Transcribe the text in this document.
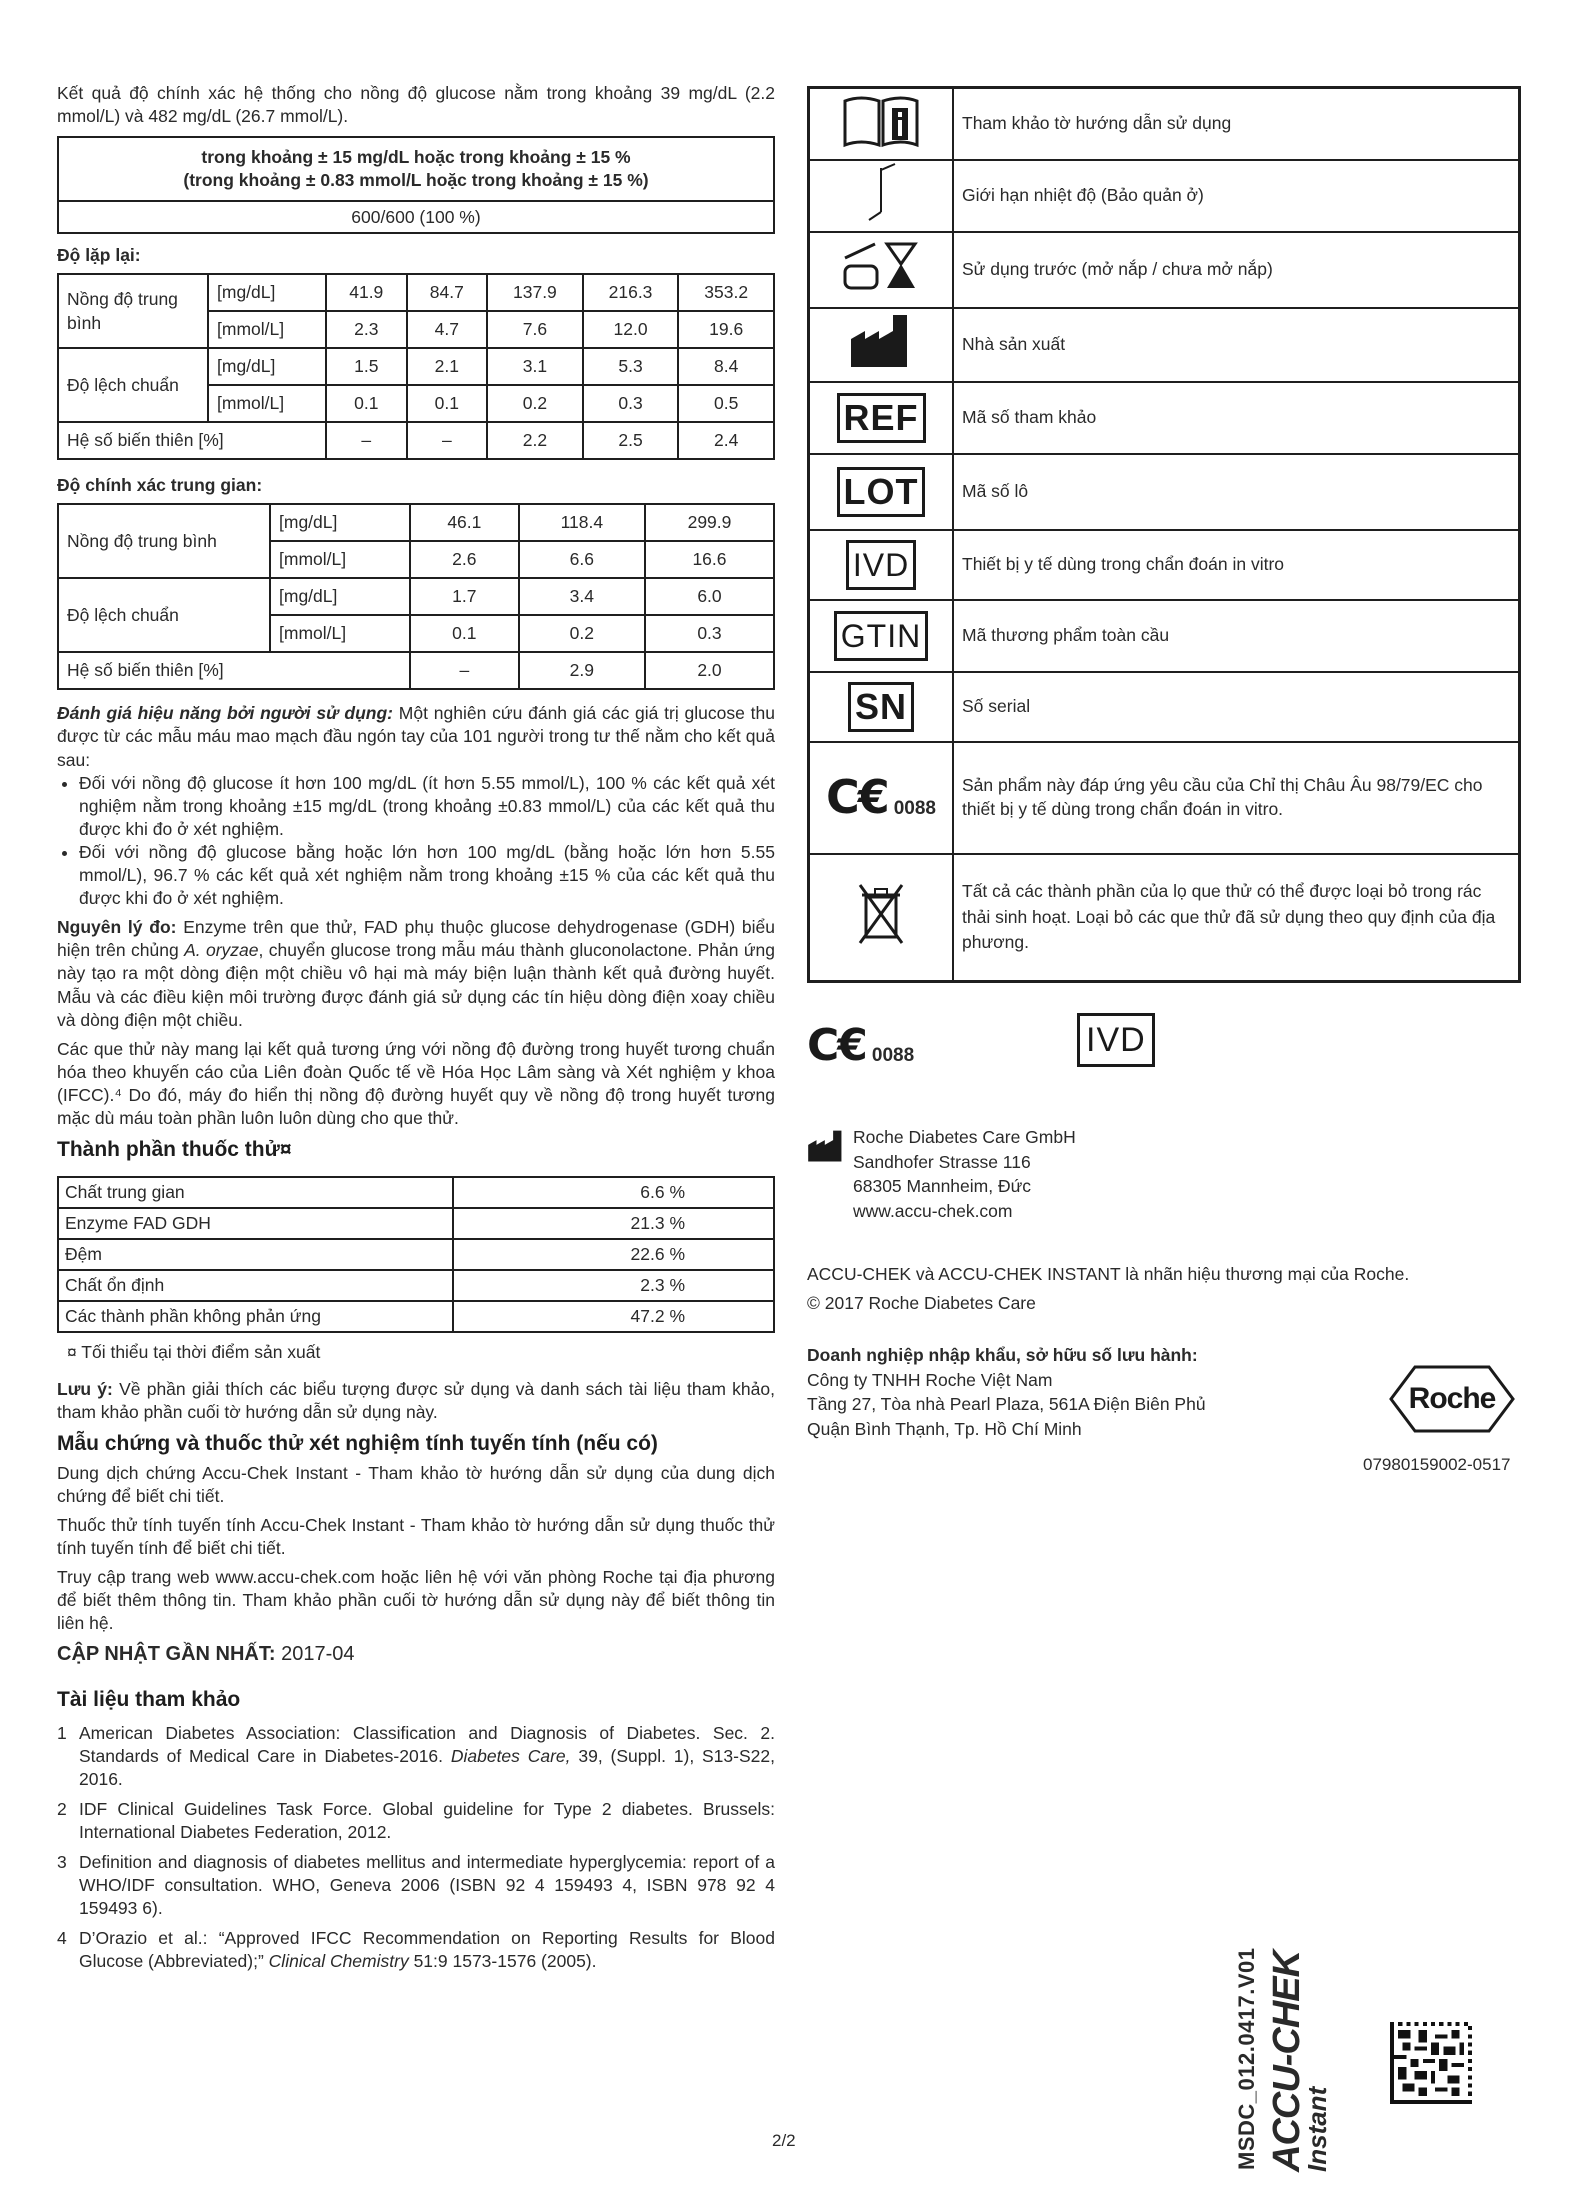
Kết quả độ chính xác hệ thống cho nồng độ glucose nằm trong khoảng 39 mg/dL (2.2 mmol/L) và 482 mg/dL (26.7 mmol/L).

trong khoảng ± 15 mg/dL hoặc trong khoảng ± 15 %
(trong khoảng ± 0.83 mmol/L hoặc trong khoảng ± 15 %)

600/600 (100 %)
Độ lặp lại:
Nồng độ trung bình	[mg/dL]	41.9	84.7	137.9	216.3	353.2
	[mmol/L]	2.3	4.7	7.6	12.0	19.6
Độ lệch chuẩn	[mg/dL]	1.5	2.1	3.1	5.3	8.4
	[mmol/L]	0.1	0.1	0.2	0.3	0.5
Hệ số biến thiên [%]		–	–	2.2	2.5	2.4
Độ chính xác trung gian:
Nồng độ trung bình	[mg/dL]	46.1	118.4	299.9
	[mmol/L]	2.6	6.6	16.6
Độ lệch chuẩn	[mg/dL]	1.7	3.4	6.0
	[mmol/L]	0.1	0.2	0.3
Hệ số biến thiên [%]		–	2.9	2.0

Đánh giá hiệu năng bởi người sử dụng: Một nghiên cứu đánh giá các giá trị glucose thu được từ các mẫu máu mao mạch đầu ngón tay của 101 người trong tư thế nằm cho kết quả sau:

• Đối với nồng độ glucose ít hơn 100 mg/dL (ít hơn 5.55 mmol/L), 100 % các kết quả xét nghiệm nằm trong khoảng ±15 mg/dL (trong khoảng ±0.83 mmol/L) của các kết quả thu được khi đo ở xét nghiệm.
• Đối với nồng độ glucose bằng hoặc lớn hơn 100 mg/dL (bằng hoặc lớn hơn 5.55 mmol/L), 96.7 % các kết quả xét nghiệm nằm trong khoảng ±15 % của các kết quả thu được khi đo ở xét nghiệm.

Nguyên lý đo: Enzyme trên que thử, FAD phụ thuộc glucose dehydrogenase (GDH) biểu hiện trên chủng A. oryzae, chuyển glucose trong mẫu máu thành gluconolactone. Phản ứng này tạo ra một dòng điện một chiều vô hại mà máy biện luận thành kết quả đường huyết. Mẫu và các điều kiện môi trường được đánh giá sử dụng các tín hiệu dòng điện xoay chiều và dòng điện một chiều.

Các que thử này mang lại kết quả tương ứng với nồng độ đường trong huyết tương chuẩn hóa theo khuyến cáo của Liên đoàn Quốc tế về Hóa Học Lâm sàng và Xét nghiệm y khoa (IFCC).⁴ Do đó, máy đo hiển thị nồng độ đường huyết quy về nồng độ trong huyết tương mặc dù máu toàn phần luôn luôn dùng cho que thử.

Thành phần thuốc thử¤
Chất trung gian	6.6 %
Enzyme FAD GDH	21.3 %
Đệm	22.6 %
Chất ổn định	2.3 %
Các thành phần không phản ứng	47.2 %

¤ Tối thiểu tại thời điểm sản xuất

Lưu ý: Về phần giải thích các biểu tượng được sử dụng và danh sách tài liệu tham khảo, tham khảo phần cuối tờ hướng dẫn sử dụng này.

Mẫu chứng và thuốc thử xét nghiệm tính tuyến tính (nếu có)

Dung dịch chứng Accu-Chek Instant - Tham khảo tờ hướng dẫn sử dụng của dung dịch chứng để biết chi tiết.

Thuốc thử tính tuyến tính Accu-Chek Instant - Tham khảo tờ hướng dẫn sử dụng thuốc thử tính tuyến tính để biết chi tiết.

Truy cập trang web www.accu-chek.com hoặc liên hệ với văn phòng Roche tại địa phương để biết thêm thông tin. Tham khảo phần cuối tờ hướng dẫn sử dụng này để biết thông tin liên hệ.

CẬP NHẬT GẦN NHẤT: 2017-04
Tài liệu tham khảo
1 American Diabetes Association: Classification and Diagnosis of Diabetes. Sec. 2. Standards of Medical Care in Diabetes-2016. Diabetes Care, 39, (Suppl. 1), S13-S22, 2016.
2 IDF Clinical Guidelines Task Force. Global guideline for Type 2 diabetes. Brussels: International Diabetes Federation, 2012.
3 Definition and diagnosis of diabetes mellitus and intermediate hyperglycemia: report of a WHO/IDF consultation. WHO, Geneva 2006 (ISBN 92 4 159493 4, ISBN 978 92 4 159493 6).
4 D’Orazio et al.: “Approved IFCC Recommendation on Reporting Results for Blood Glucose (Abbreviated);” Clinical Chemistry 51:9 1573-1576 (2005).
	Tham khảo tờ hướng dẫn sử dụng
	Giới hạn nhiệt độ (Bảo quản ở)
	Sử dụng trước (mở nắp / chưa mở nắp)
	Nhà sản xuất
REF	Mã số tham khảo
LOT	Mã số lô
IVD	Thiết bị y tế dùng trong chẩn đoán in vitro
GTIN	Mã thương phẩm toàn cầu
SN	Số serial
C€ 0088	Sản phẩm này đáp ứng yêu cầu của Chỉ thị Châu Âu 98/79/EC cho thiết bị y tế dùng trong chẩn đoán in vitro.
	Tất cả các thành phần của lọ que thử có thể được loại bỏ trong rác thải sinh hoạt. Loại bỏ các que thử đã sử dụng theo quy định của địa phương.
C€ 0088	IVD
Roche Diabetes Care GmbH
Sandhofer Strasse 116
68305 Mannheim, Đức
www.accu-chek.com
ACCU-CHEK và ACCU-CHEK INSTANT là nhãn hiệu thương mại của Roche.
© 2017 Roche Diabetes Care
Doanh nghiệp nhập khẩu, sở hữu số lưu hành:
Công ty TNHH Roche Việt Nam
Tầng 27, Tòa nhà Pearl Plaza, 561A Điện Biên Phủ
Quận Bình Thạnh, Tp. Hồ Chí Minh
Roche
07980159002-0517
2/2	MSDC_012.0417.V01 ACCU-CHEK
Instant
